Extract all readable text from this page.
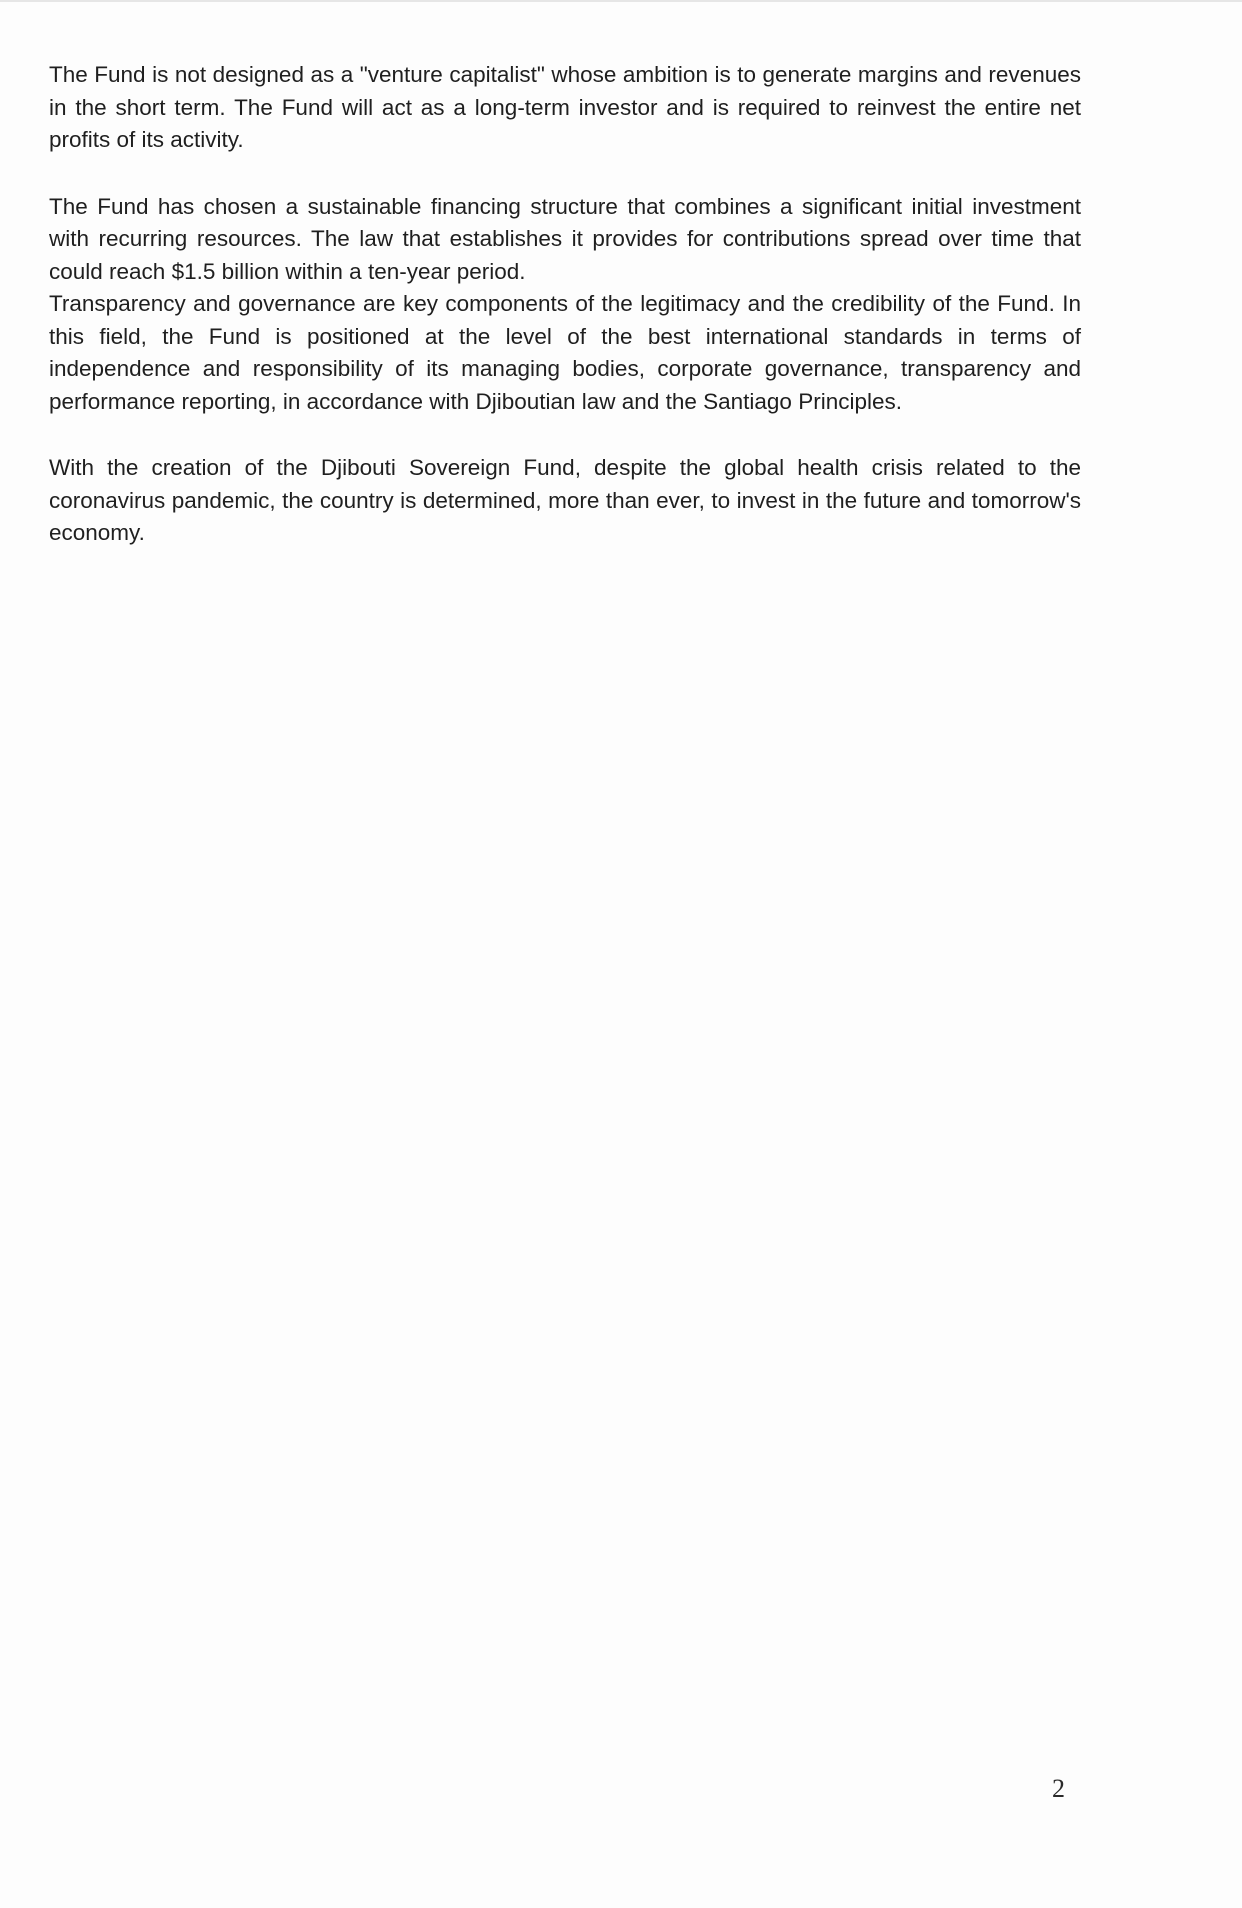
The Fund is not designed as a "venture capitalist" whose ambition is to generate margins and revenues in the short term. The Fund will act as a long-term investor and is required to reinvest the entire net profits of its activity.

The Fund has chosen a sustainable financing structure that combines a significant initial investment with recurring resources. The law that establishes it provides for contributions spread over time that could reach $1.5 billion within a ten-year period.

Transparency and governance are key components of the legitimacy and the credibility of the Fund. In this field, the Fund is positioned at the level of the best international standards in terms of independence and responsibility of its managing bodies, corporate governance, transparency and performance reporting, in accordance with Djiboutian law and the Santiago Principles.

With the creation of the Djibouti Sovereign Fund, despite the global health crisis related to the coronavirus pandemic, the country is determined, more than ever, to invest in the future and tomorrow's economy.

2
